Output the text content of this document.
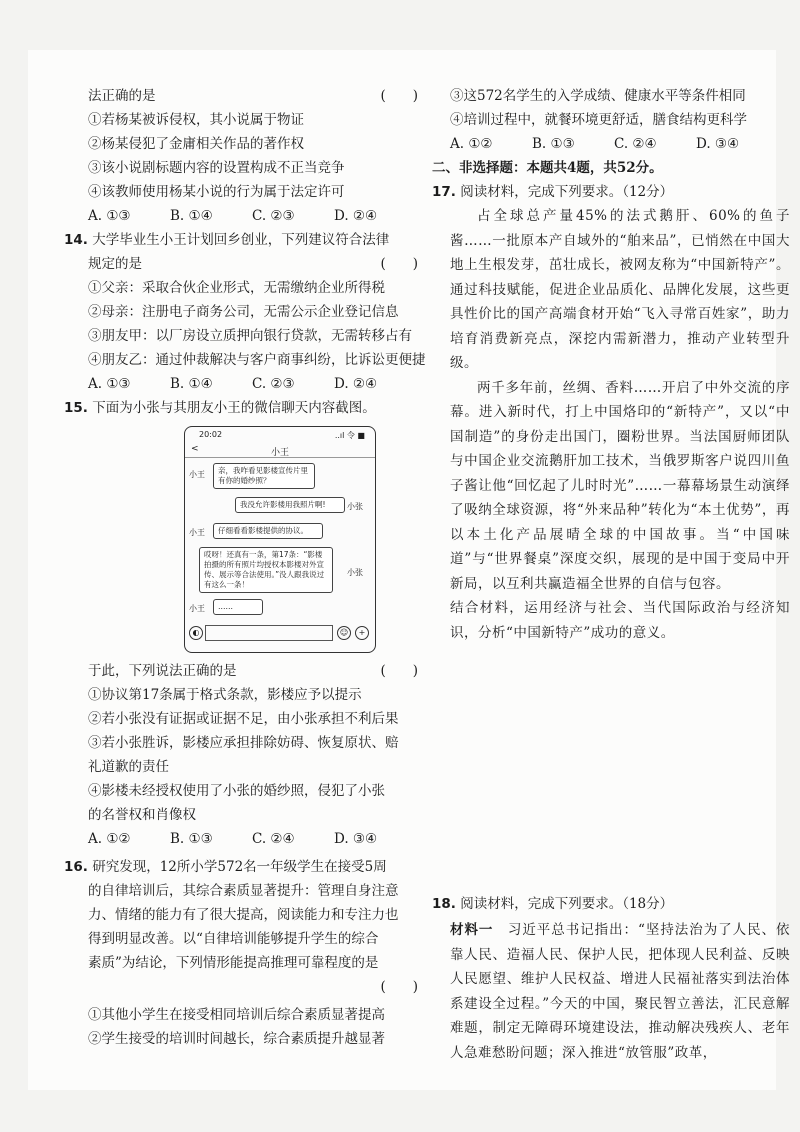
法正确的是	(　　)
①若杨某被诉侵权，其小说属于物证
②杨某侵犯了金庸相关作品的著作权
③该小说剧标题内容的设置构成不正当竞争
④该教师使用杨某小说的行为属于法定许可
A. ①③	B. ①④	C. ②③	D. ②④
14. 大学毕业生小王计划回乡创业，下列建议符合法律
规定的是	(　　)
①父亲：采取合伙企业形式，无需缴纳企业所得税
②母亲：注册电子商务公司，无需公示企业登记信息
③朋友甲：以厂房设立质押向银行贷款，无需转移占有
④朋友乙：通过仲裁解决与客户商事纠纷，比诉讼更便捷
A. ①③	B. ①④	C. ②③	D. ②④
15. 下面为小张与其朋友小王的微信聊天内容截图。
20:02	..ıl 令 ■
<	小王
小王	亲，我咋看见影楼宣传片里有你的婚纱照？
我没允许影楼用我照片啊!	小张
小王	仔细看看影楼提供的协议。
哎呀！还真有一条，第17条：“影楼拍摄的所有照片均授权本影楼对外宣传、展示等合法使用。”没人跟我说过有这么一条！
小张
小王	……
◐	☺	+
于此，下列说法正确的是	(　　)
①协议第17条属于格式条款，影楼应予以提示
②若小张没有证据或证据不足，由小张承担不利后果
③若小张胜诉，影楼应承担排除妨碍、恢复原状、赔
礼道歉的责任
④影楼未经授权使用了小张的婚纱照，侵犯了小张
的名誉权和肖像权
A. ①②	B. ①③	C. ②④	D. ③④
16. 研究发现，12所小学572名一年级学生在接受5周
的自律培训后，其综合素质显著提升：管理自身注意
力、情绪的能力有了很大提高，阅读能力和专注力也
得到明显改善。以“自律培训能够提升学生的综合
素质”为结论，下列情形能提高推理可靠程度的是
(　　)

①其他小学生在接受相同培训后综合素质显著提高
②学生接受的培训时间越长，综合素质提升越显著
③这572名学生的入学成绩、健康水平等条件相同
④培训过程中，就餐环境更舒适，膳食结构更科学
A. ①②	B. ①③	C. ②④	D. ③④
二、非选择题：本题共4题，共52分。
17. 阅读材料，完成下列要求。（12分）
占全球总产量45%的法式鹅肝、60%的鱼子酱……一批原本产自域外的“舶来品”，已悄然在中国大地上生根发芽，茁壮成长，被网友称为“中国新特产”。通过科技赋能，促进企业品质化、品牌化发展，这些更具性价比的国产高端食材开始“飞入寻常百姓家”，助力培育消费新亮点，深挖内需新潜力，推动产业转型升级。
两千多年前，丝绸、香料……开启了中外交流的序幕。进入新时代，打上中国烙印的“新特产”，又以“中国制造”的身份走出国门，圈粉世界。当法国厨师团队与中国企业交流鹅肝加工技术，当俄罗斯客户说四川鱼子酱让他“回忆起了儿时时光”……一幕幕场景生动演绎了吸纳全球资源，将“外来品种”转化为“本土优势”，再以本土化产品展晴全球的中国故事。当“中国味道”与“世界餐桌”深度交织，展现的是中国于变局中开新局，以互利共赢造福全世界的自信与包容。
结合材料，运用经济与社会、当代国际政治与经济知识，分析“中国新特产”成功的意义。
18. 阅读材料，完成下列要求。（18分）
材料一　 习近平总书记指出：“坚持法治为了人民、依靠人民、造福人民、保护人民，把体现人民利益、反映人民愿望、维护人民权益、增进人民福祉落实到法治体系建设全过程。”今天的中国，聚民智立善法，汇民意解难题，制定无障碍环境建设法，推动解决残疾人、老年人急难愁盼问题；深入推进“放管服”政革，
